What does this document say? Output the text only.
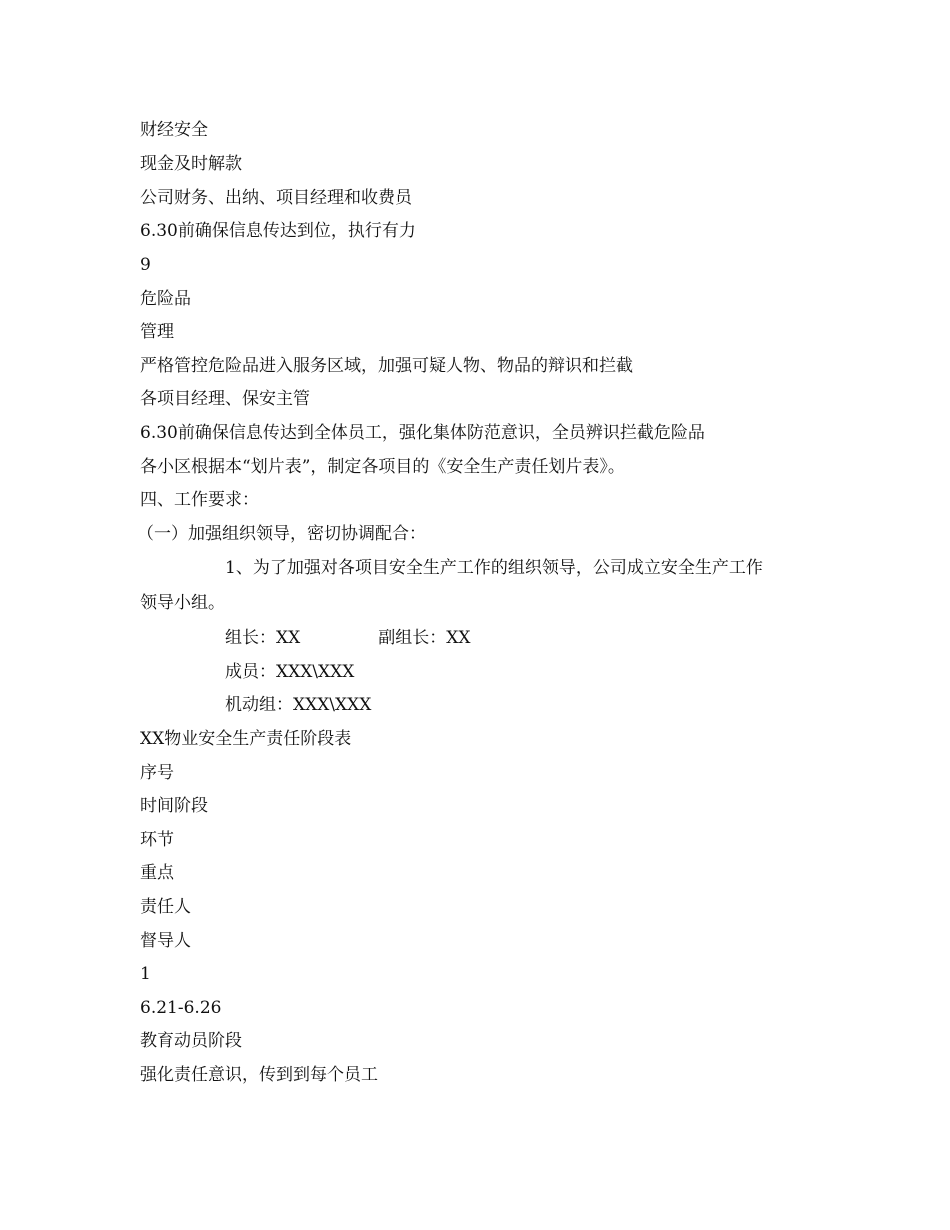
财经安全
现金及时解款
公司财务、出纳、项目经理和收费员
6.30前确保信息传达到位，执行有力
9
危险品
管理
严格管控危险品进入服务区域，加强可疑人物、物品的辩识和拦截
各项目经理、保安主管
6.30前确保信息传达到全体员工，强化集体防范意识，全员辨识拦截危险品
各小区根据本“划片表”，制定各项目的《安全生产责任划片表》。
四、工作要求：
（一）加强组织领导，密切协调配合：
1、为了加强对各项目安全生产工作的组织领导，公司成立安全生产工作
领导小组。
组长：XX	副组长：XX
成员：XXX\XXX
机动组：XXX\XXX
XX物业安全生产责任阶段表
序号
时间阶段
环节
重点
责任人
督导人
1
6.21-6.26
教育动员阶段
强化责任意识，传到到每个员工
